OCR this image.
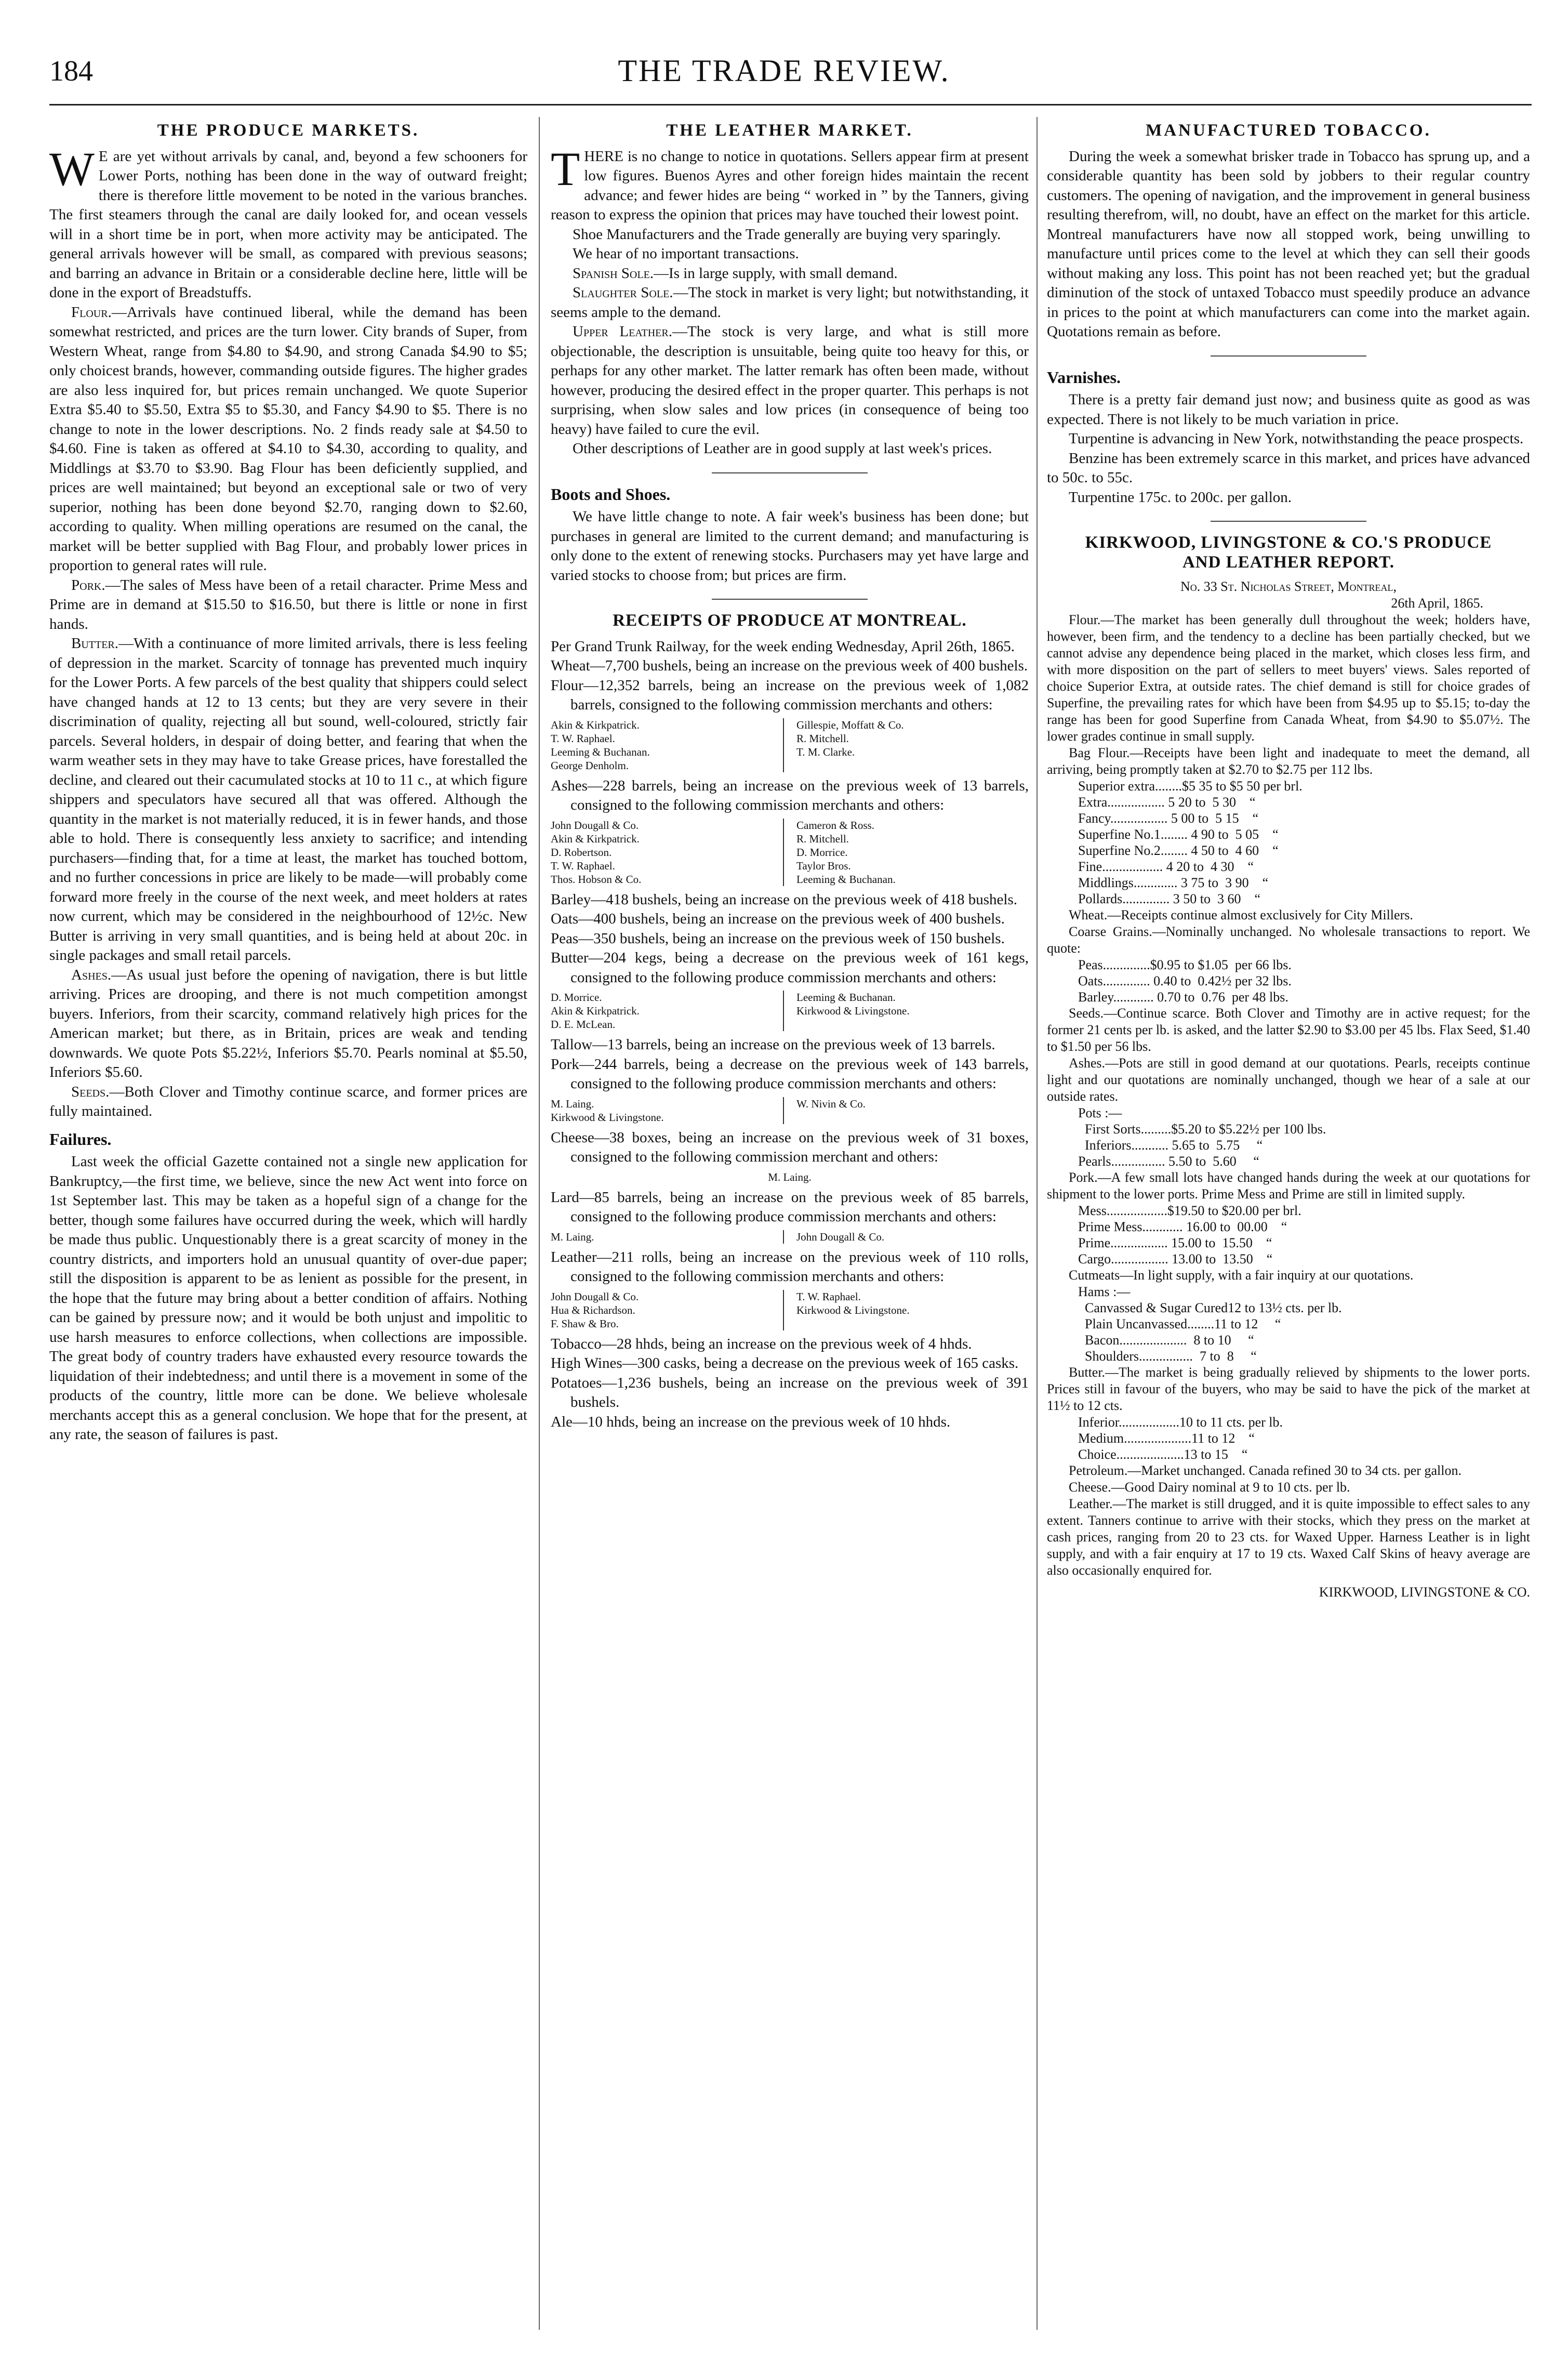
184	THE TRADE REVIEW.
THE PRODUCE MARKETS.

W E are yet without arrivals by canal, and, beyond a few schooners for Lower Ports, nothing has been done in the way of outward freight; there is therefore little movement to be noted in the various branches. The first steamers through the canal are daily looked for, and ocean vessels will in a short time be in port, when more activity may be anticipated. The general arrivals however will be small, as compared with previous seasons; and barring an advance in Britain or a considerable decline here, little will be done in the export of Breadstuffs.

Flour.—Arrivals have continued liberal, while the demand has been somewhat restricted, and prices are the turn lower. City brands of Super, from Western Wheat, range from $4.80 to $4.90, and strong Canada $4.90 to $5; only choicest brands, however, commanding outside figures. The higher grades are also less inquired for, but prices remain unchanged. We quote Superior Extra $5.40 to $5.50, Extra $5 to $5.30, and Fancy $4.90 to $5. There is no change to note in the lower descriptions. No. 2 finds ready sale at $4.50 to $4.60. Fine is taken as offered at $4.10 to $4.30, according to quality, and Middlings at $3.70 to $3.90. Bag Flour has been deficiently supplied, and prices are well maintained; but beyond an exceptional sale or two of very superior, nothing has been done beyond $2.70, ranging down to $2.60, according to quality. When milling operations are resumed on the canal, the market will be better supplied with Bag Flour, and probably lower prices in proportion to general rates will rule.

Pork.—The sales of Mess have been of a retail character. Prime Mess and Prime are in demand at $15.50 to $16.50, but there is little or none in first hands.

Butter.—With a continuance of more limited arrivals, there is less feeling of depression in the market. Scarcity of tonnage has prevented much inquiry for the Lower Ports. A few parcels of the best quality that shippers could select have changed hands at 12 to 13 cents; but they are very severe in their discrimination of quality, rejecting all but sound, well-coloured, strictly fair parcels. Several holders, in despair of doing better, and fearing that when the warm weather sets in they may have to take Grease prices, have forestalled the decline, and cleared out their cacumulated stocks at 10 to 11 c., at which figure shippers and speculators have secured all that was offered. Although the quantity in the market is not materially reduced, it is in fewer hands, and those able to hold. There is consequently less anxiety to sacrifice; and intending purchasers—finding that, for a time at least, the market has touched bottom, and no further concessions in price are likely to be made—will probably come forward more freely in the course of the next week, and meet holders at rates now current, which may be considered in the neighbourhood of 12½c. New Butter is arriving in very small quantities, and is being held at about 20c. in single packages and small retail parcels.

Ashes.—As usual just before the opening of navigation, there is but little arriving. Prices are drooping, and there is not much competition amongst buyers. Inferiors, from their scarcity, command relatively high prices for the American market; but there, as in Britain, prices are weak and tending downwards. We quote Pots $5.22½, Inferiors $5.70. Pearls nominal at $5.50, Inferiors $5.60.

Seeds.—Both Clover and Timothy continue scarce, and former prices are fully maintained.

Failures.

Last week the official Gazette contained not a single new application for Bankruptcy,—the first time, we believe, since the new Act went into force on 1st September last. This may be taken as a hopeful sign of a change for the better, though some failures have occurred during the week, which will hardly be made thus public. Unquestionably there is a great scarcity of money in the country districts, and importers hold an unusual quantity of over-due paper; still the disposition is apparent to be as lenient as possible for the present, in the hope that the future may bring about a better condition of affairs. Nothing can be gained by pressure now; and it would be both unjust and impolitic to use harsh measures to enforce collections, when collections are impossible. The great body of country traders have exhausted every resource towards the liquidation of their indebtedness; and until there is a movement in some of the products of the country, little more can be done. We believe wholesale merchants accept this as a general conclusion. We hope that for the present, at any rate, the season of failures is past.

THE LEATHER MARKET.

THERE is no change to notice in quotations. Sellers appear firm at present low figures. Buenos Ayres and other foreign hides maintain the recent advance; and fewer hides are being “ worked in ” by the Tanners, giving reason to express the opinion that prices may have touched their lowest point.

Shoe Manufacturers and the Trade generally are buying very sparingly.

We hear of no important transactions.

Spanish Sole.—Is in large supply, with small demand.

Slaughter Sole.—The stock in market is very light; but notwithstanding, it seems ample to the demand.

Upper Leather.—The stock is very large, and what is still more objectionable, the description is unsuitable, being quite too heavy for this, or perhaps for any other market. The latter remark has often been made, without however, producing the desired effect in the proper quarter. This perhaps is not surprising, when slow sales and low prices (in consequence of being too heavy) have failed to cure the evil.

Other descriptions of Leather are in good supply at last week's prices.

Boots and Shoes.

We have little change to note. A fair week's business has been done; but purchases in general are limited to the current demand; and manufacturing is only done to the extent of renewing stocks. Purchasers may yet have large and varied stocks to choose from; but prices are firm.

RECEIPTS OF PRODUCE AT MONTREAL.

Per Grand Trunk Railway, for the week ending Wednesday, April 26th, 1865.

Wheat—7,700 bushels, being an increase on the previous week of 400 bushels.

Flour—12,352 barrels, being an increase on the previous week of 1,082 barrels, consigned to the following commission merchants and others:

Akin & Kirkpatrick.
T. W. Raphael.
Leeming & Buchanan.
George Denholm.
Gillespie, Moffatt & Co.
R. Mitchell.
T. M. Clarke.

Ashes—228 barrels, being an increase on the previous week of 13 barrels, consigned to the following commission merchants and others:

John Dougall & Co.
Akin & Kirkpatrick.
D. Robertson.
T. W. Raphael.
Thos. Hobson & Co.
Cameron & Ross.
R. Mitchell.
D. Morrice.
Taylor Bros.
Leeming & Buchanan.

Barley—418 bushels, being an increase on the previous week of 418 bushels.

Oats—400 bushels, being an increase on the previous week of 400 bushels.

Peas—350 bushels, being an increase on the previous week of 150 bushels.

Butter—204 kegs, being a decrease on the previous week of 161 kegs, consigned to the following produce commission merchants and others:

D. Morrice.
Akin & Kirkpatrick.
D. E. McLean.
Leeming & Buchanan.
Kirkwood & Livingstone.

Tallow—13 barrels, being an increase on the previous week of 13 barrels.

Pork—244 barrels, being a decrease on the previous week of 143 barrels, consigned to the following produce commission merchants and others:

M. Laing.
Kirkwood & Livingstone.
W. Nivin & Co.

Cheese—38 boxes, being an increase on the previous week of 31 boxes, consigned to the following commission merchant and others:

M. Laing.

Lard—85 barrels, being an increase on the previous week of 85 barrels, consigned to the following produce commission merchants and others:

M. Laing.	John Dougall & Co.

Leather—211 rolls, being an increase on the previous week of 110 rolls, consigned to the following commission merchants and others:

John Dougall & Co.
Hua & Richardson.
F. Shaw & Bro.
T. W. Raphael.
Kirkwood & Livingstone.

Tobacco—28 hhds, being an increase on the previous week of 4 hhds.

High Wines—300 casks, being a decrease on the previous week of 165 casks.

Potatoes—1,236 bushels, being an increase on the previous week of 391 bushels.

Ale—10 hhds, being an increase on the previous week of 10 hhds.

MANUFACTURED TOBACCO.

During the week a somewhat brisker trade in Tobacco has sprung up, and a considerable quantity has been sold by jobbers to their regular country customers. The opening of navigation, and the improvement in general business resulting therefrom, will, no doubt, have an effect on the market for this article. Montreal manufacturers have now all stopped work, being unwilling to manufacture until prices come to the level at which they can sell their goods without making any loss. This point has not been reached yet; but the gradual diminution of the stock of untaxed Tobacco must speedily produce an advance in prices to the point at which manufacturers can come into the market again. Quotations remain as before.

Varnishes.

There is a pretty fair demand just now; and business quite as good as was expected. There is not likely to be much variation in price.

Turpentine is advancing in New York, notwithstanding the peace prospects.

Benzine has been extremely scarce in this market, and prices have advanced to 50c. to 55c.

Turpentine 175c. to 200c. per gallon.

KIRKWOOD, LIVINGSTONE & CO.'S PRODUCE
AND LEATHER REPORT.
No. 33 St. Nicholas Street, Montreal,
26th April, 1865.

Flour.—The market has been generally dull throughout the week; holders have, however, been firm, and the tendency to a decline has been partially checked, but we cannot advise any dependence being placed in the market, which closes less firm, and with more disposition on the part of sellers to meet buyers' views. Sales reported of choice Superior Extra, at outside rates. The chief demand is still for choice grades of Superfine, the prevailing rates for which have been from $4.95 up to $5.15; to-day the range has been for good Superfine from Canada Wheat, from $4.90 to $5.07½. The lower grades continue in small supply.

Bag Flour.—Receipts have been light and inadequate to meet the demand, all arriving, being promptly taken at $2.70 to $2.75 per 112 lbs.

Superior extra........$5 35 to $5 50 per brl.
Extra................. 5 20 to  5 30    “
Fancy................. 5 00 to  5 15    “
Superfine No.1........ 4 90 to  5 05    “
Superfine No.2........ 4 50 to  4 60    “
Fine.................. 4 20 to  4 30    “
Middlings............. 3 75 to  3 90    “
Pollards.............. 3 50 to  3 60    “

Wheat.—Receipts continue almost exclusively for City Millers.

Coarse Grains.—Nominally unchanged. No wholesale transactions to report. We quote:

Peas..............$0.95 to $1.05  per 66 lbs.
Oats.............. 0.40 to  0.42½ per 32 lbs.
Barley............ 0.70 to  0.76  per 48 lbs.

Seeds.—Continue scarce. Both Clover and Timothy are in active request; for the former 21 cents per lb. is asked, and the latter $2.90 to $3.00 per 45 lbs. Flax Seed, $1.40 to $1.50 per 56 lbs.

Ashes.—Pots are still in good demand at our quotations. Pearls, receipts continue light and our quotations are nominally unchanged, though we hear of a sale at our outside rates.

Pots :—
First Sorts.........$5.20 to $5.22½ per 100 lbs.
Inferiors........... 5.65 to  5.75     “
Pearls................ 5.50 to  5.60     “

Pork.—A few small lots have changed hands during the week at our quotations for shipment to the lower ports. Prime Mess and Prime are still in limited supply.

Mess..................$19.50 to $20.00 per brl.
Prime Mess............ 16.00 to  00.00    “
Prime................. 15.00 to  15.50    “
Cargo................. 13.00 to  13.50    “

Cutmeats—In light supply, with a fair inquiry at our quotations.

Hams :—
Canvassed & Sugar Cured12 to 13½ cts. per lb.
Plain Uncanvassed........11 to 12     “
Bacon....................  8 to 10     “
Shoulders................  7 to  8     “

Butter.—The market is being gradually relieved by shipments to the lower ports. Prices still in favour of the buyers, who may be said to have the pick of the market at 11½ to 12 cts.

Inferior..................10 to 11 cts. per lb.
Medium....................11 to 12    “
Choice....................13 to 15    “

Petroleum.—Market unchanged. Canada refined 30 to 34 cts. per gallon.

Cheese.—Good Dairy nominal at 9 to 10 cts. per lb.

Leather.—The market is still drugged, and it is quite impossible to effect sales to any extent. Tanners continue to arrive with their stocks, which they press on the market at cash prices, ranging from 20 to 23 cts. for Waxed Upper. Harness Leather is in light supply, and with a fair enquiry at 17 to 19 cts. Waxed Calf Skins of heavy average are also occasionally enquired for.

KIRKWOOD, LIVINGSTONE & CO.
